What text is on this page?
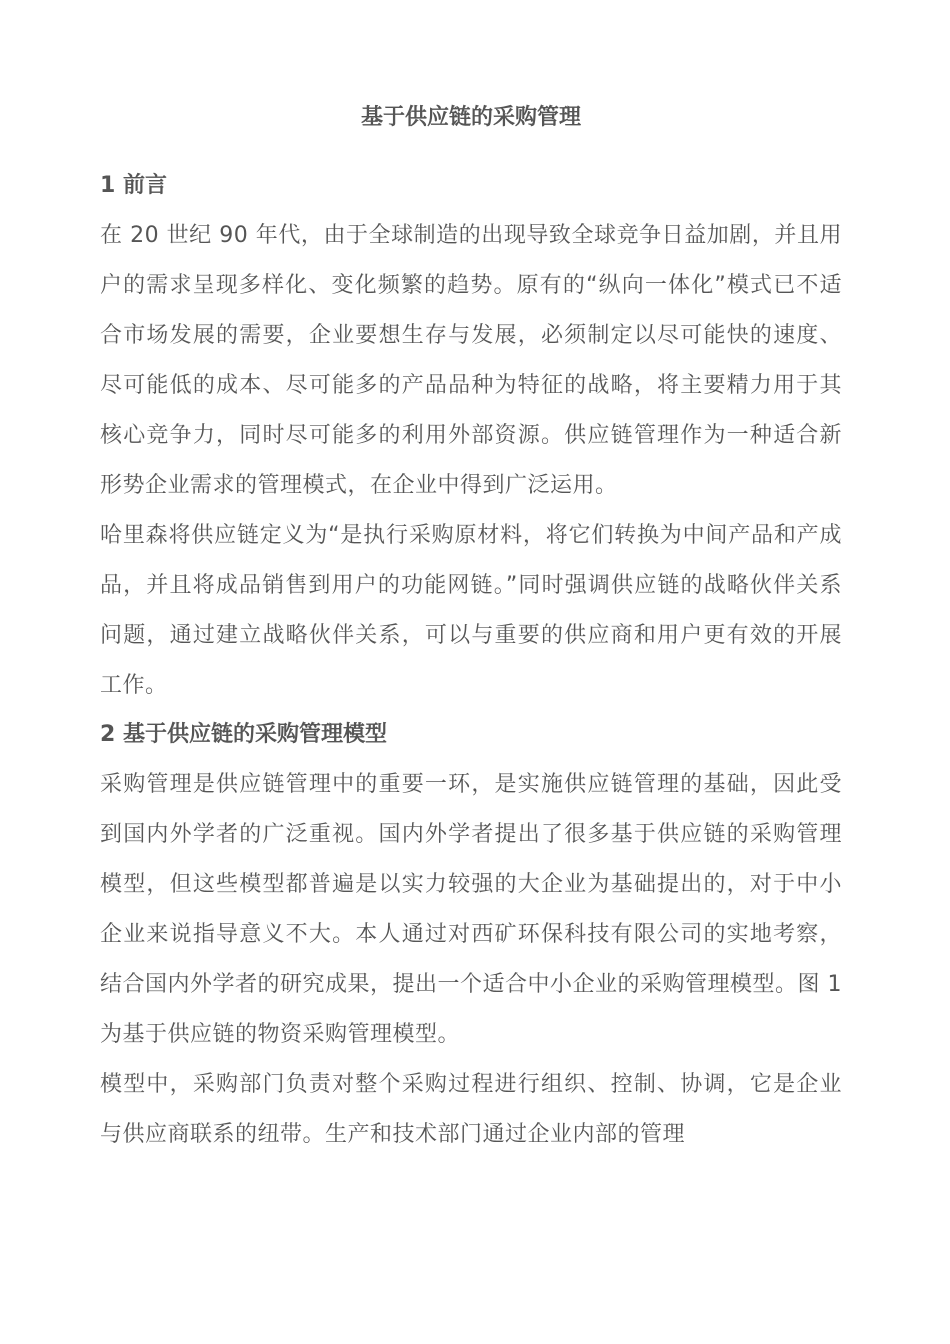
基于供应链的采购管理
1 前言

在 20 世纪 90 年代，由于全球制造的出现导致全球竞争日益加剧，并且用户的需求呈现多样化、变化频繁的趋势。原有的“纵向一体化”模式已不适合市场发展的需要，企业要想生存与发展，必须制定以尽可能快的速度、尽可能低的成本、尽可能多的产品品种为特征的战略，将主要精力用于其核心竞争力，同时尽可能多的利用外部资源。供应链管理作为一种适合新形势企业需求的管理模式，在企业中得到广泛运用。

哈里森将供应链定义为“是执行采购原材料，将它们转换为中间产品和产成品，并且将成品销售到用户的功能网链。”同时强调供应链的战略伙伴关系问题，通过建立战略伙伴关系，可以与重要的供应商和用户更有效的开展工作。

2 基于供应链的采购管理模型

采购管理是供应链管理中的重要一环，是实施供应链管理的基础，因此受到国内外学者的广泛重视。国内外学者提出了很多基于供应链的采购管理模型，但这些模型都普遍是以实力较强的大企业为基础提出的，对于中小企业来说指导意义不大。本人通过对西矿环保科技有限公司的实地考察，结合国内外学者的研究成果，提出一个适合中小企业的采购管理模型。图 1 为基于供应链的物资采购管理模型。

模型中，采购部门负责对整个采购过程进行组织、控制、协调，它是企业与供应商联系的纽带。生产和技术部门通过企业内部的管理
